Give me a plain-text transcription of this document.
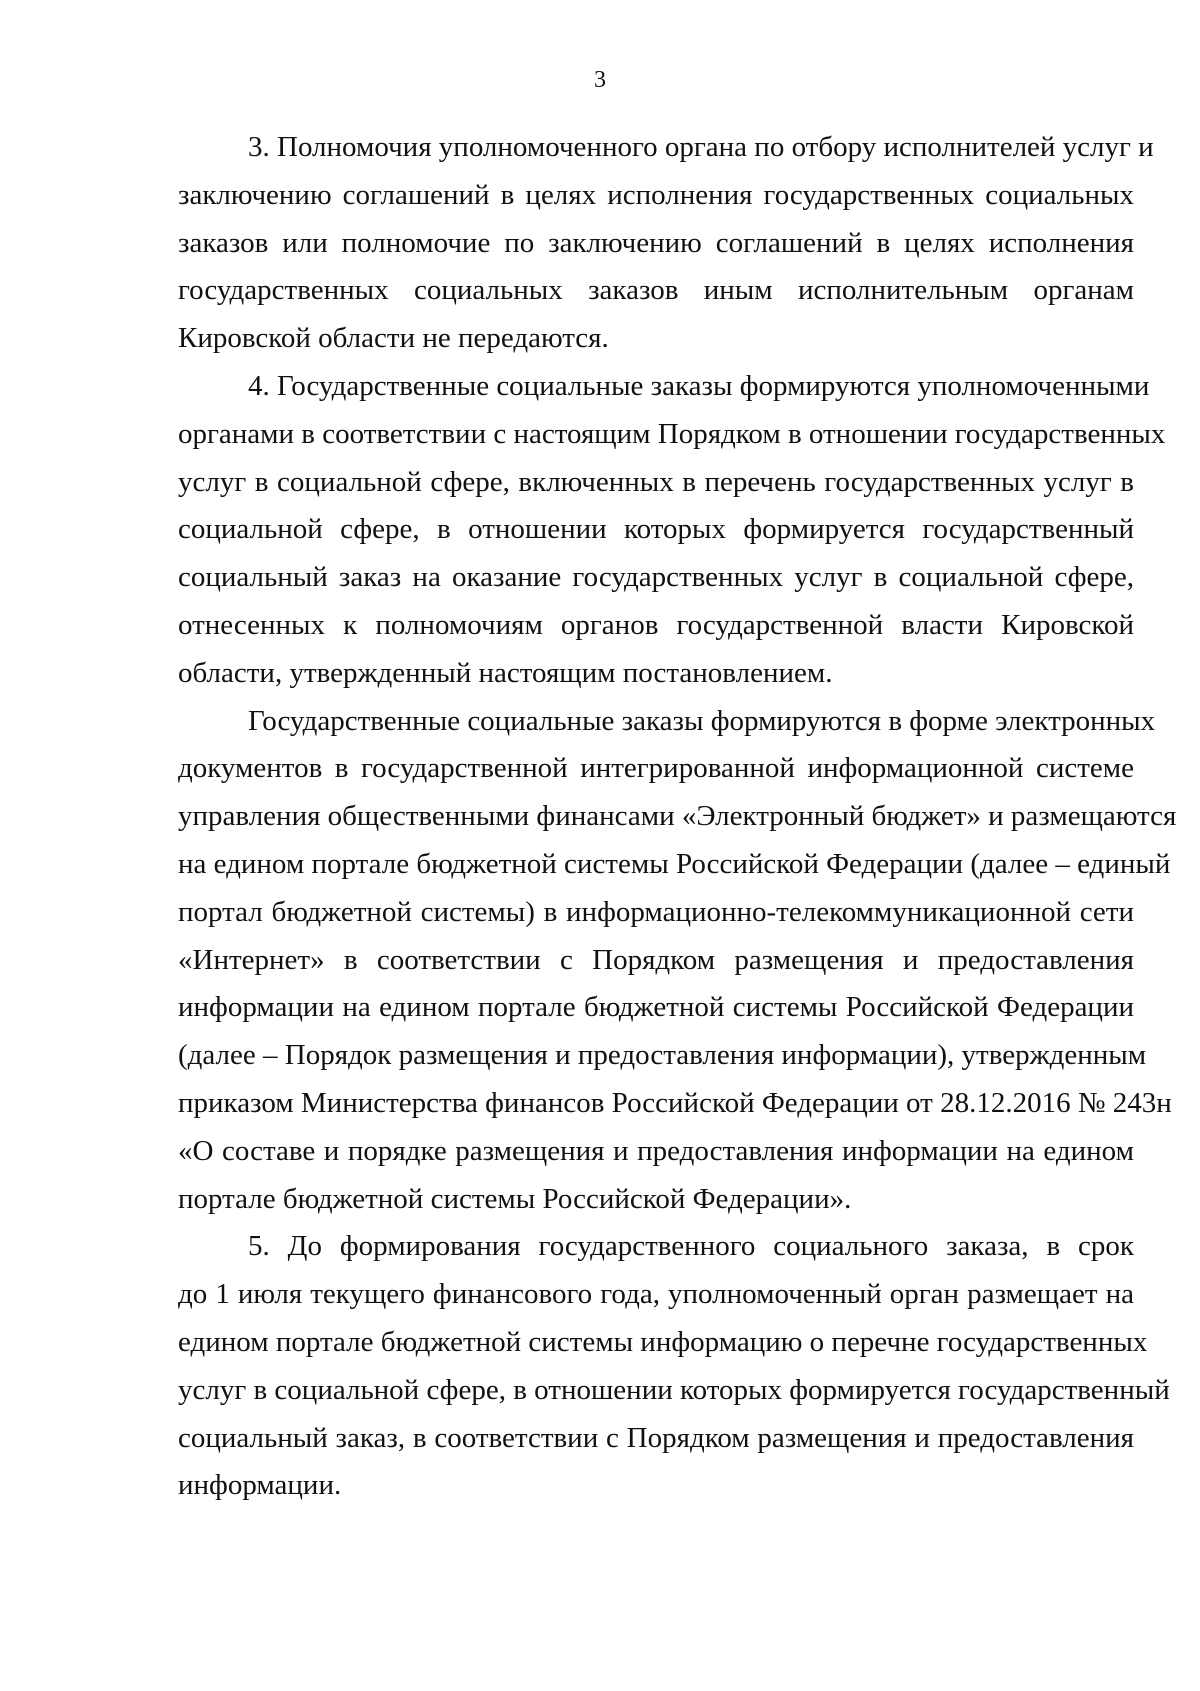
3
3. Полномочия уполномоченного органа по отбору исполнителей услуг и
заключению соглашений в целях исполнения государственных социальных
заказов или полномочие по заключению соглашений в целях исполнения
государственных социальных заказов иным исполнительным органам
Кировской области не передаются.
4. Государственные социальные заказы формируются уполномоченными
органами в соответствии с настоящим Порядком в отношении государственных
услуг в социальной сфере, включенных в перечень государственных услуг в
социальной сфере, в отношении которых формируется государственный
социальный заказ на оказание государственных услуг в социальной сфере,
отнесенных к полномочиям органов государственной власти Кировской
области, утвержденный настоящим постановлением.
Государственные социальные заказы формируются в форме электронных
документов в государственной интегрированной информационной системе
управления общественными финансами «Электронный бюджет» и размещаются
на едином портале бюджетной системы Российской Федерации (далее – единый
портал бюджетной системы) в информационно-телекоммуникационной сети
«Интернет» в соответствии с Порядком размещения и предоставления
информации на едином портале бюджетной системы Российской Федерации
(далее – Порядок размещения и предоставления информации), утвержденным
приказом Министерства финансов Российской Федерации от 28.12.2016 № 243н
«О составе и порядке размещения и предоставления информации на едином
портале бюджетной системы Российской Федерации».
5. До формирования государственного социального заказа, в срок
до 1 июля текущего финансового года, уполномоченный орган размещает на
едином портале бюджетной системы информацию о перечне государственных
услуг в социальной сфере, в отношении которых формируется государственный
социальный заказ, в соответствии с Порядком размещения и предоставления
информации.
